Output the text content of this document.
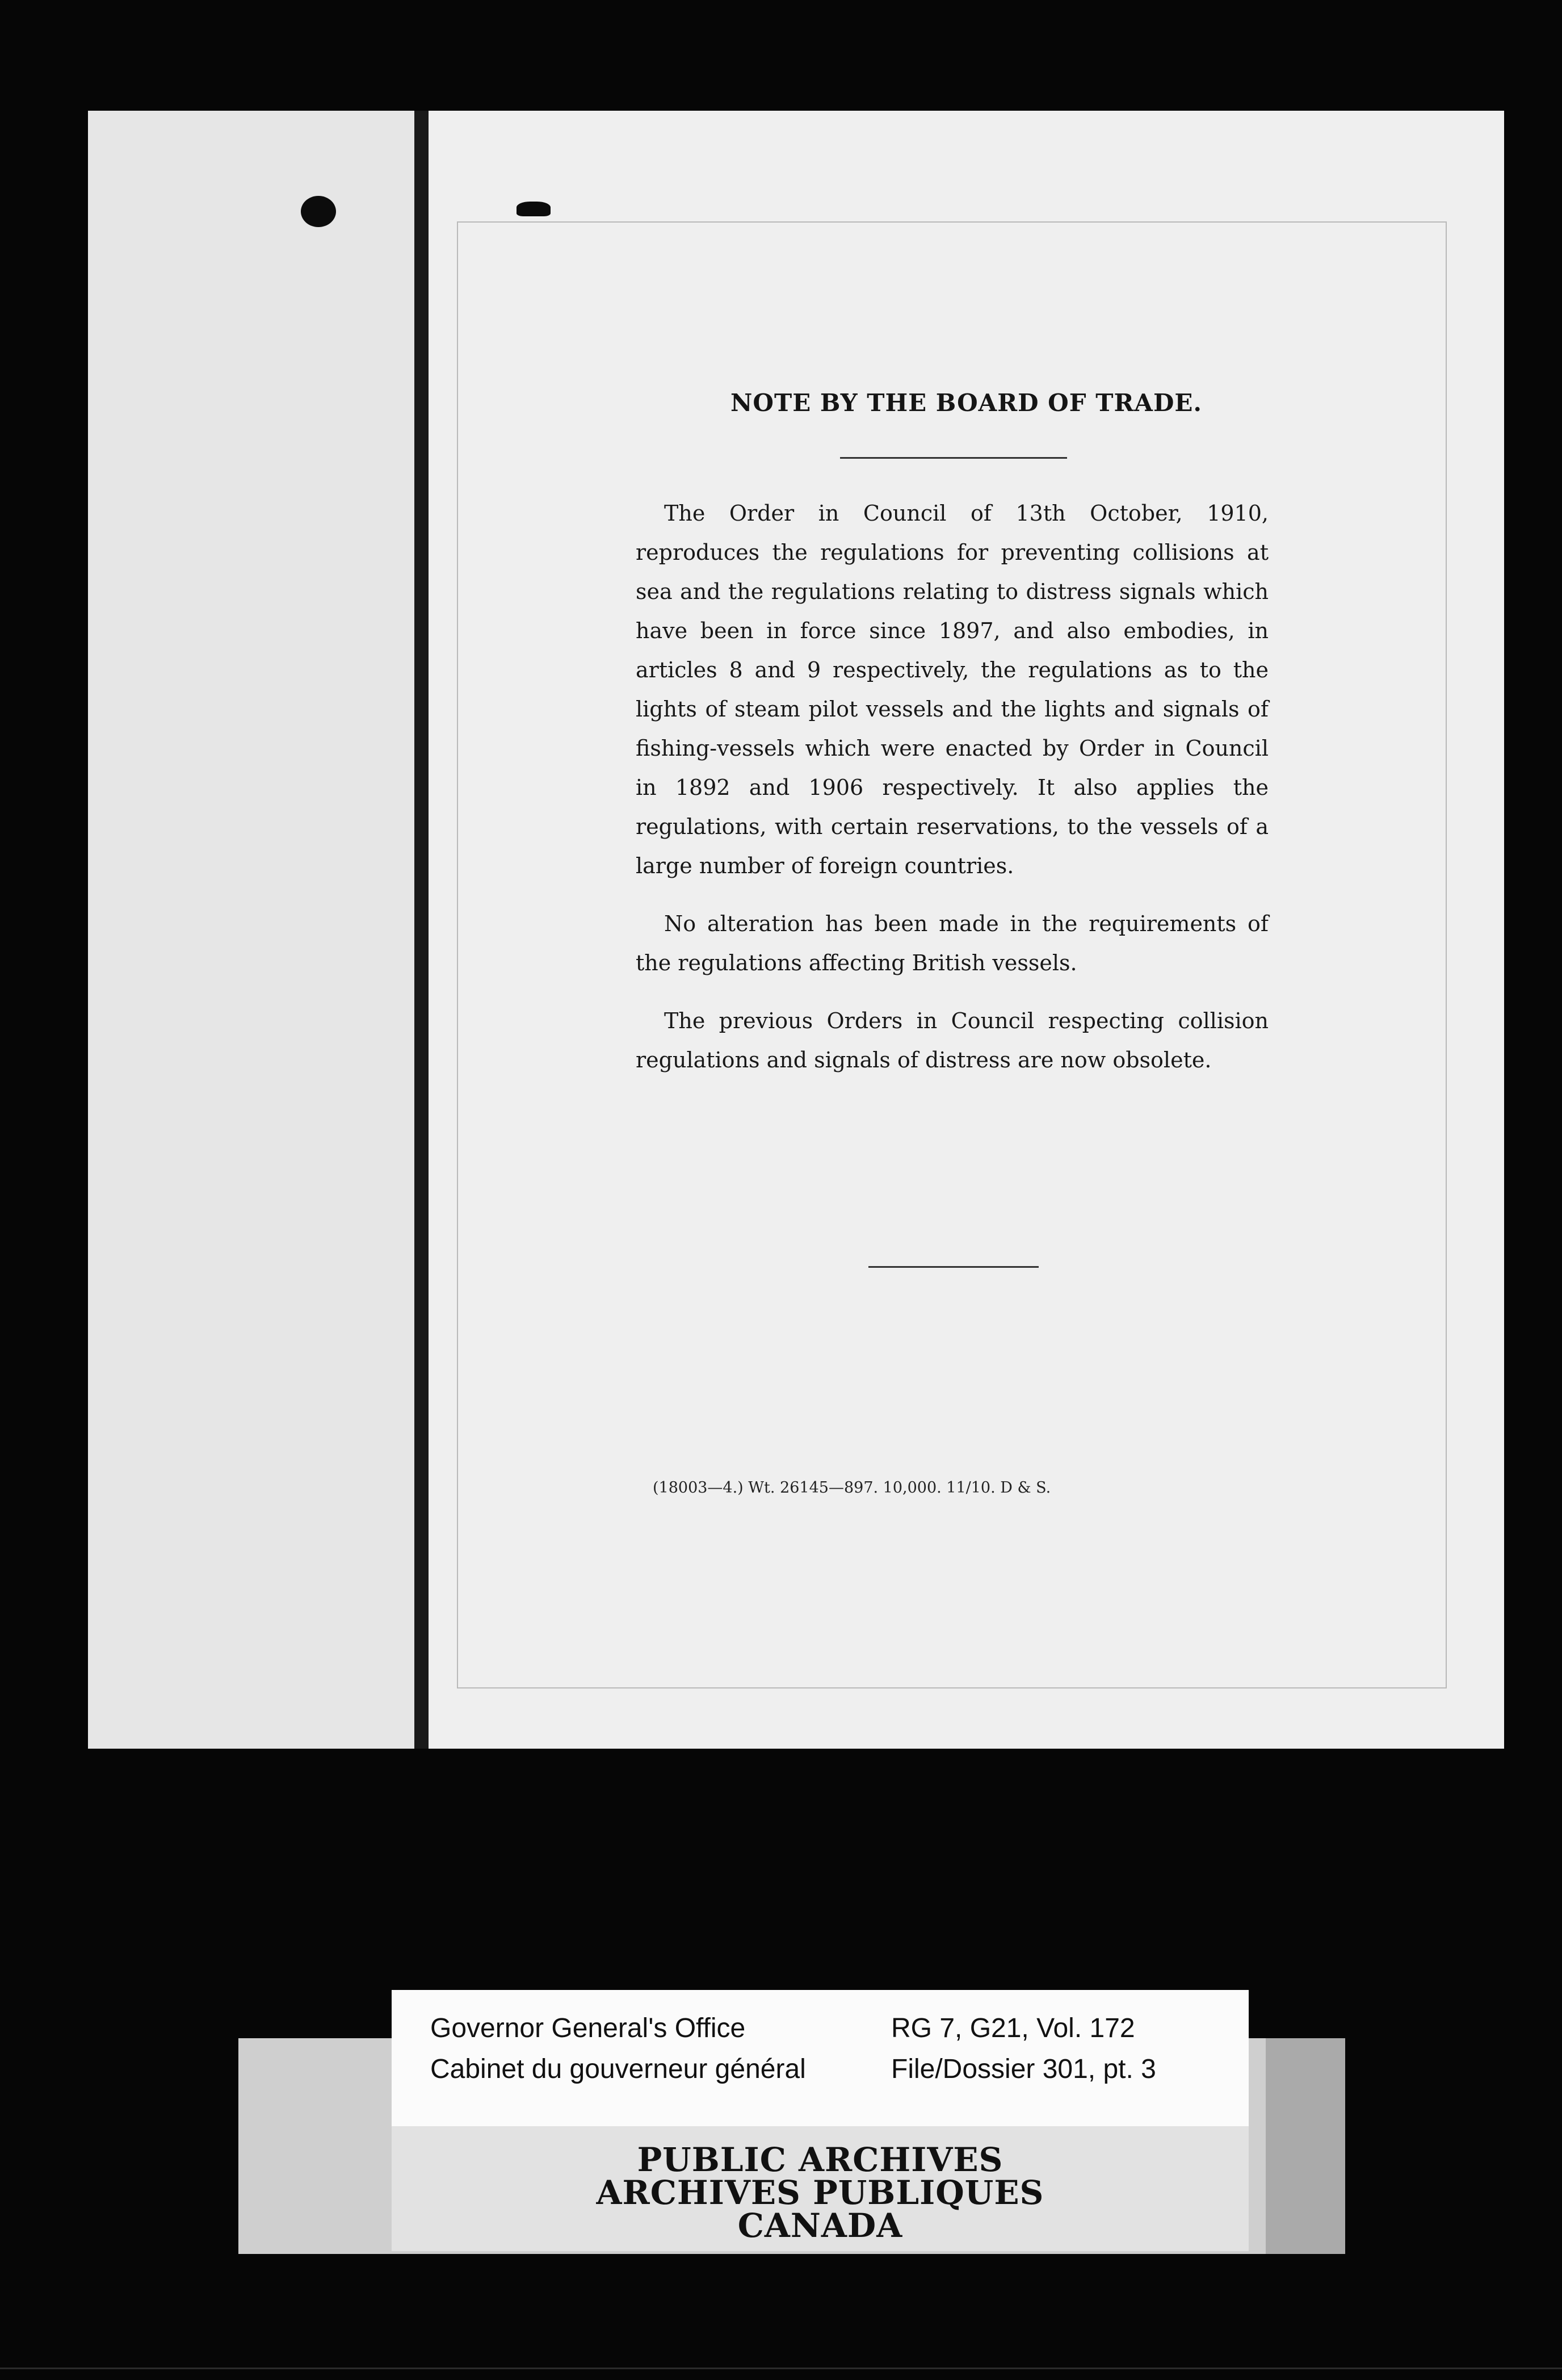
NOTE BY THE BOARD OF TRADE.

The Order in Council of 13th October, 1910, reproduces the regulations for preventing collisions at sea and the regulations relating to distress signals which have been in force since 1897, and also embodies, in articles 8 and 9 respectively, the regulations as to the lights of steam pilot vessels and the lights and signals of fishing-vessels which were enacted by Order in Council in 1892 and 1906 respectively. It also applies the regulations, with certain reservations, to the vessels of a large number of foreign countries.

No alteration has been made in the requirements of the regulations affecting British vessels.

The previous Orders in Council respecting collision regulations and signals of distress are now obsolete.

(18003—4.) Wt. 26145—897. 10,000. 11/10. D & S.
Governor General's Office
Cabinet du gouverneur général
RG 7, G21, Vol. 172
File/Dossier 301, pt. 3
PUBLIC ARCHIVES
ARCHIVES PUBLIQUES
CANADA
